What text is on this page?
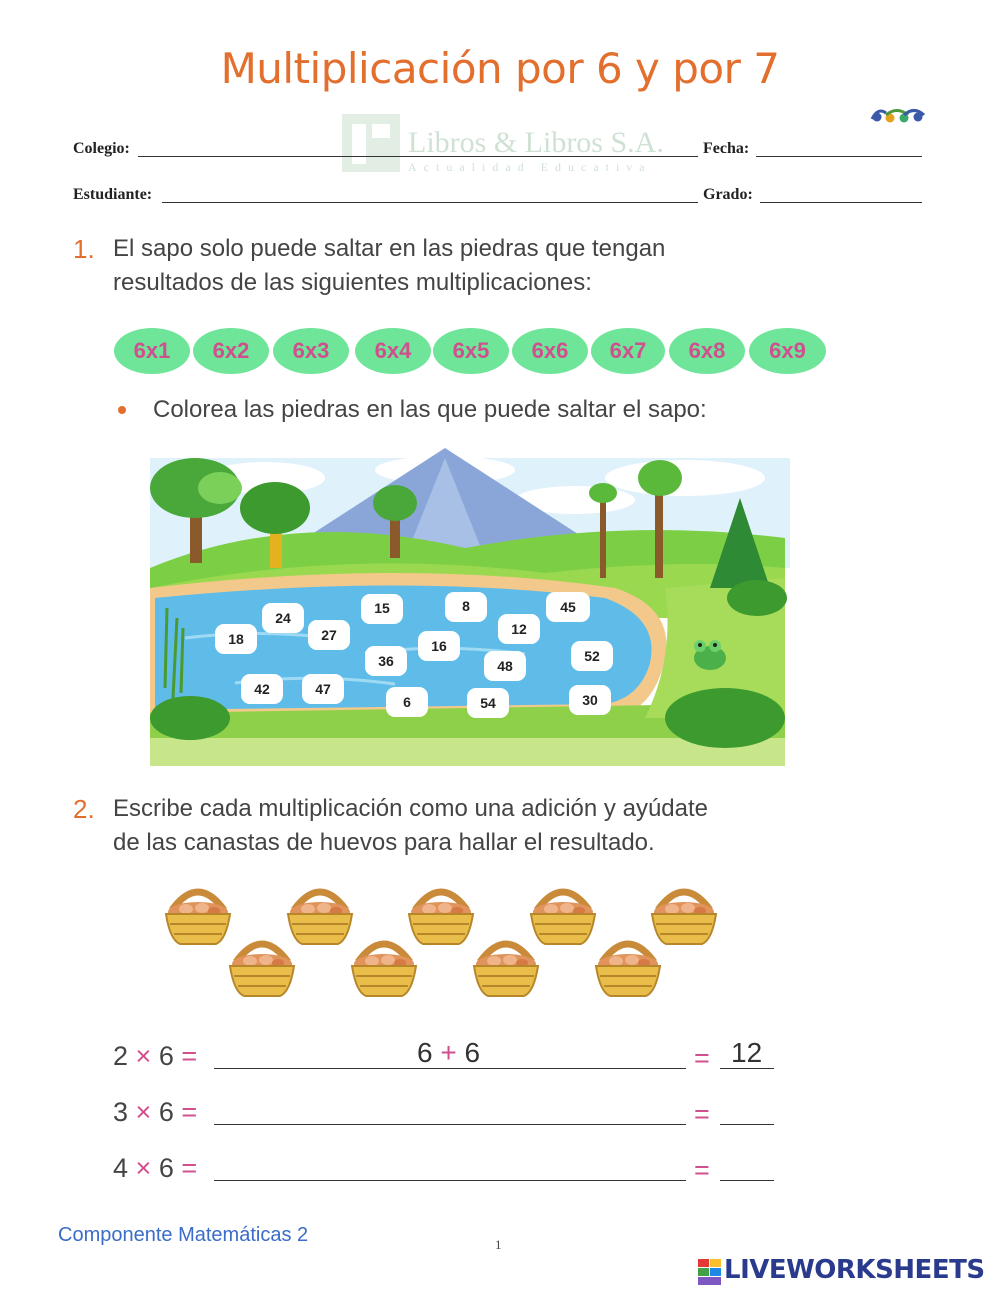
Multiplicación por 6 y por 7
Libros & Libros S.A.
Actualidad Educativa
Colegio:	Fecha:
Estudiante:	Grado:
1. El sapo solo puede saltar en las piedras que tengan
resultados de las siguientes multiplicaciones:
6x1	6x2	6x3	6x4	6x5	6x6	6x7	6x8	6x9
Colorea las piedras en las que puede saltar el sapo:
24
15	8	45
18	27	12
16
36	48
52
42	47
6	54	30
2. Escribe cada multiplicación como una adición y ayúdate
de las canastas de huevos para hallar el resultado.
2 × 6 =	6 + 6	= 12
3 × 6 =	=
4 × 6 =	=
Componente Matemáticas 2	1
LIVEWORKSHEETS
